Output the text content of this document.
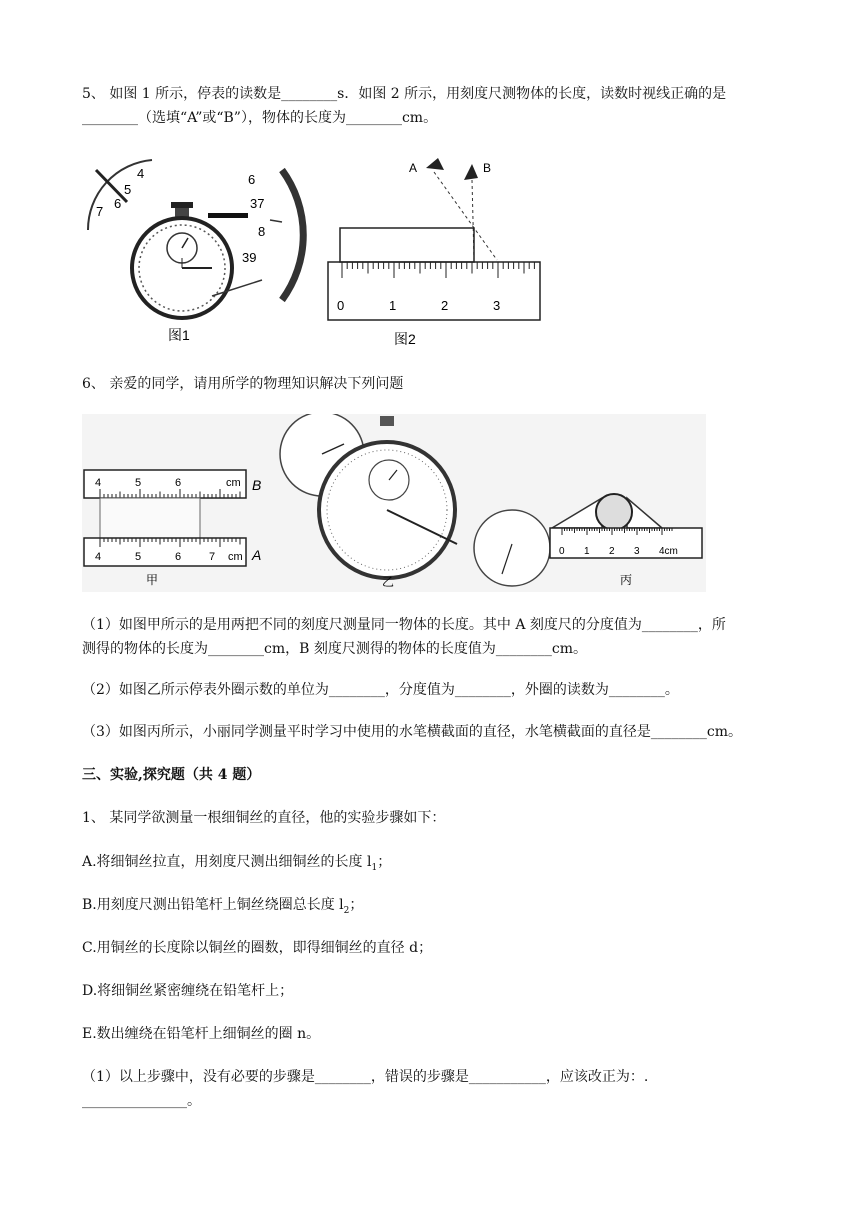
5、 如图 1 所示，停表的读数是________s．如图 2 所示，用刻度尺测物体的长度，读数时视线正确的是
________（选填“A”或“B”），物体的长度为________cm。
4
5
6
7
6
37
8
39
图1
A	B
0	1	2	3
图2
6、 亲爱的同学，请用所学的物理知识解决下列问题
4	5	6	cm B
4	5	6	7 cm A
甲	乙
0 1 2 3 4cm
丙
（1）如图甲所示的是用两把不同的刻度尺测量同一物体的长度。其中 A 刻度尺的分度值为________，所
测得的物体的长度为________cm，B 刻度尺测得的物体的长度值为________cm。
（2）如图乙所示停表外圈示数的单位为________，分度值为________，外圈的读数为________。
（3）如图丙所示，小丽同学测量平时学习中使用的水笔横截面的直径，水笔横截面的直径是________cm。
三、实验,探究题（共 4 题）
1、 某同学欲测量一根细铜丝的直径，他的实验步骤如下：
A.将细铜丝拉直，用刻度尺测出细铜丝的长度 $l_1$；
B.用刻度尺测出铅笔杆上铜丝绕圈总长度 $l_2$；
C.用铜丝的长度除以铜丝的圈数，即得细铜丝的直径 d；
D.将细铜丝紧密缠绕在铅笔杆上；
E.数出缠绕在铅笔杆上细铜丝的圈 n。
（1）以上步骤中，没有必要的步骤是________，错误的步骤是___________，应该改正为：.
_______________。
